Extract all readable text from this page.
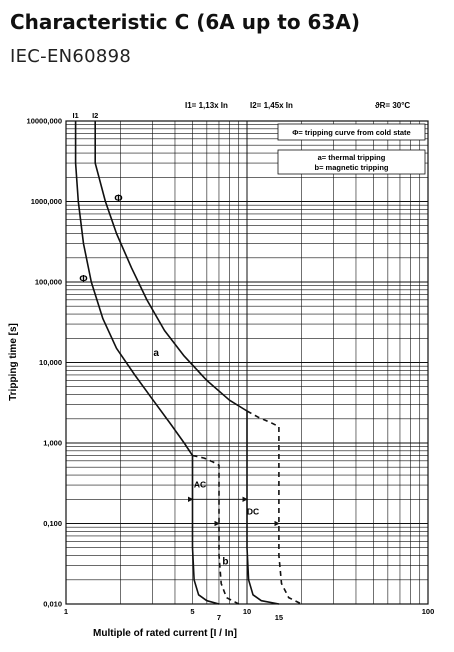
Characteristic C (6A up to 63A)
IEC-EN60898
10000,000
1000,000
100,000
10,000
1,000
0,100
0,010
1	5
7
10
15
100
I1 I2
Φ
Φ
a
AC
DC
b
I1= 1,13x In	I2= 1,45x In	ϑR= 30°C
Φ= tripping curve from cold state
a= thermal tripping
b= magnetic tripping
Multiple of rated current [I / In]
Tripping time [s]
